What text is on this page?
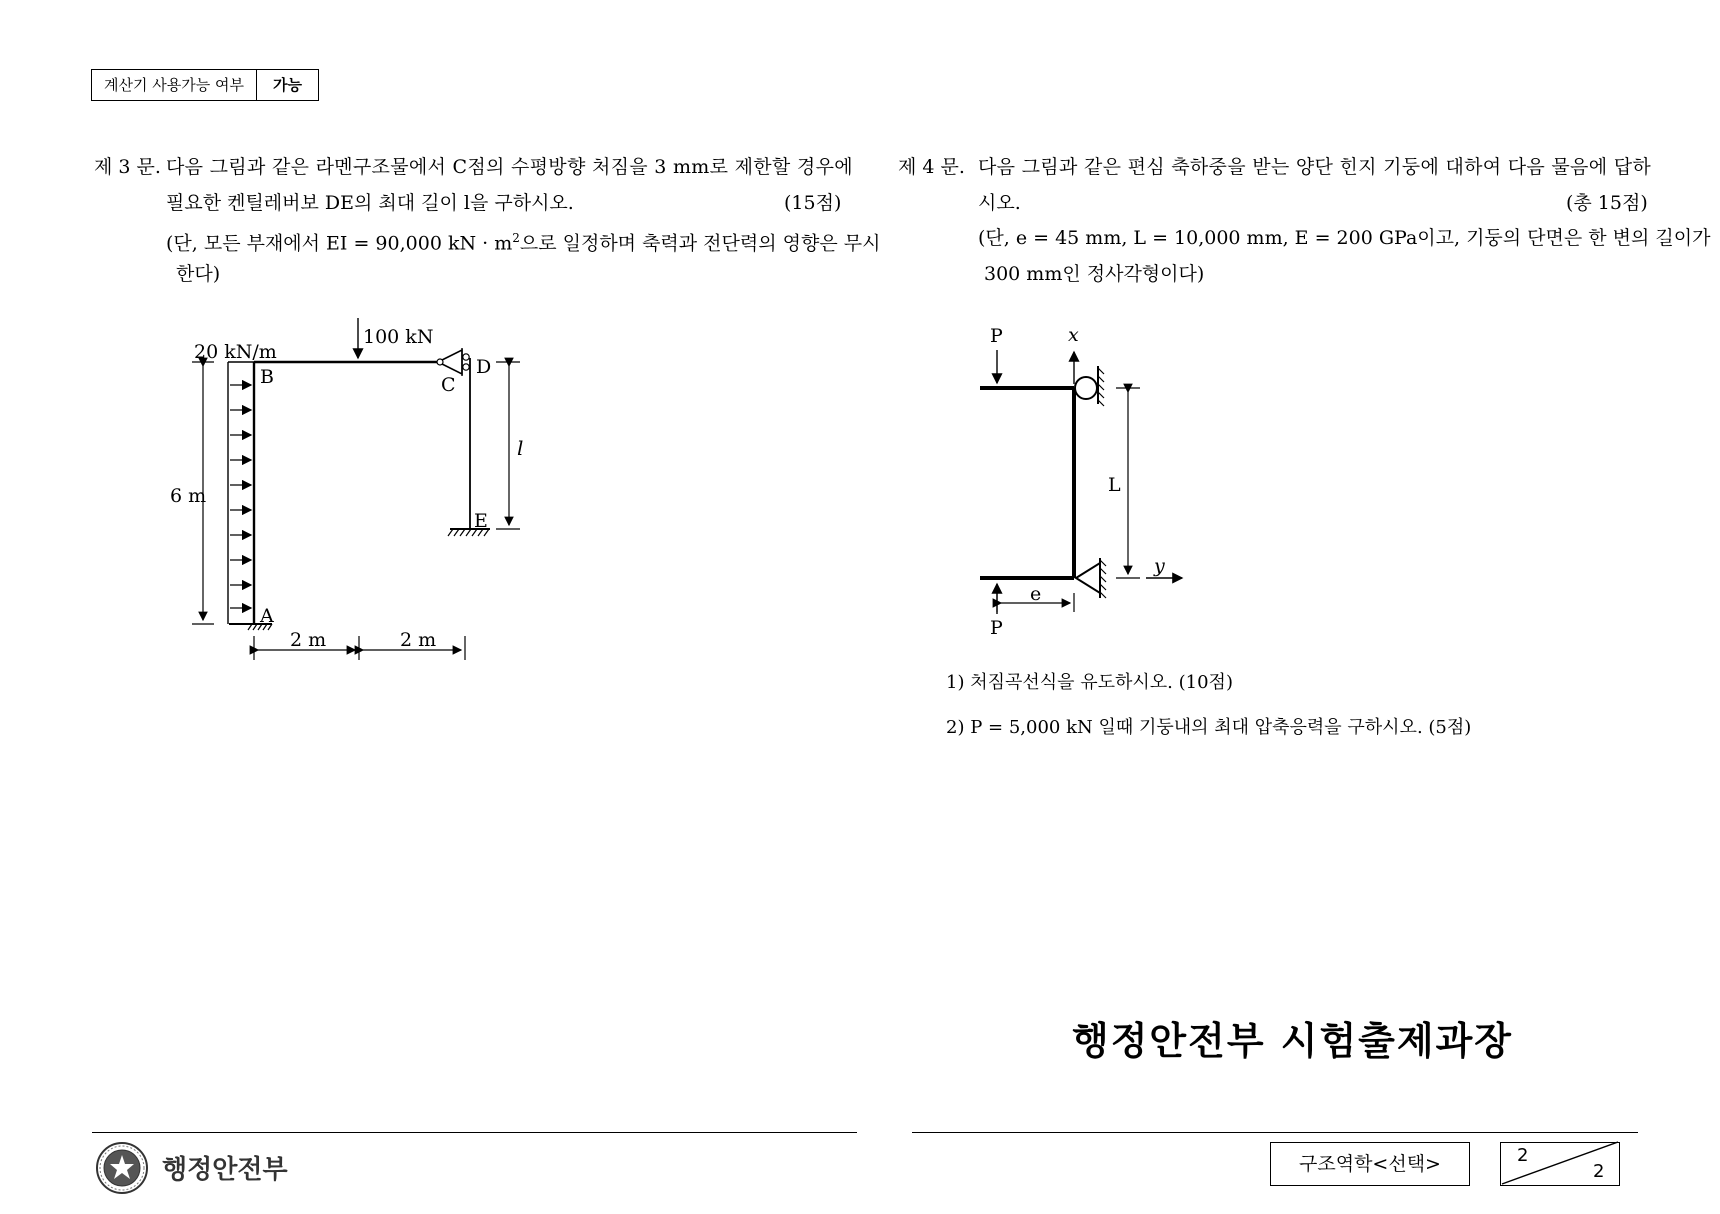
계산기 사용가능 여부	가능
제 3 문. 다음 그림과 같은 라멘구조물에서 C점의 수평방향 처짐을 3 mm로 제한할 경우에
필요한 켄틸레버보 DE의 최대 길이 l을 구하시오.	(15점)
(단, 모든 부재에서 EI = 90,000 kN · $m^2$으로 일정하며 축력과 전단력의 영향은 무시
한다)
20 kN/m
100 kN
B	C
D
E
A
l
6 m
2 m	2 m
P	x
L
y
e
P
제 4 문. 다음 그림과 같은 편심 축하중을 받는 양단 힌지 기둥에 대하여 다음 물음에 답하
시오.	(총 15점)
(단, e = 45 mm, L = 10,000 mm, E = 200 GPa이고, 기둥의 단면은 한 변의 길이가
300 mm인 정사각형이다)
1) 처짐곡선식을 유도하시오. (10점)
2) P = 5,000 kN 일때 기둥내의 최대 압축응력을 구하시오. (5점)
행정안전부 시험출제과장
행정안전부	구조역학<선택>	2
2
